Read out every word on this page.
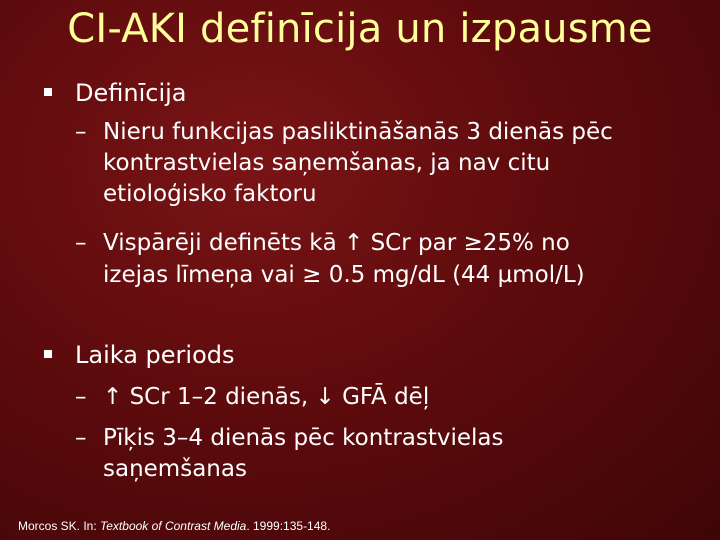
CI-AKI definīcija un izpausme
Definīcija
– Nieru funkcijas pasliktināšanās 3 dienās pēc
kontrastvielas saņemšanas, ja nav citu
etioloģisko faktoru
– Vispārēji definēts kā ↑ SCr par ≥25% no
izejas līmeņa vai ≥ 0.5 mg/dL (44 µmol/L)
Laika periods
– ↑ SCr 1–2 dienās, ↓ GFĀ dēļ
– Pīķis 3–4 dienās pēc kontrastvielas
saņemšanas
Morcos SK. In: Textbook of Contrast Media. 1999:135-148.
